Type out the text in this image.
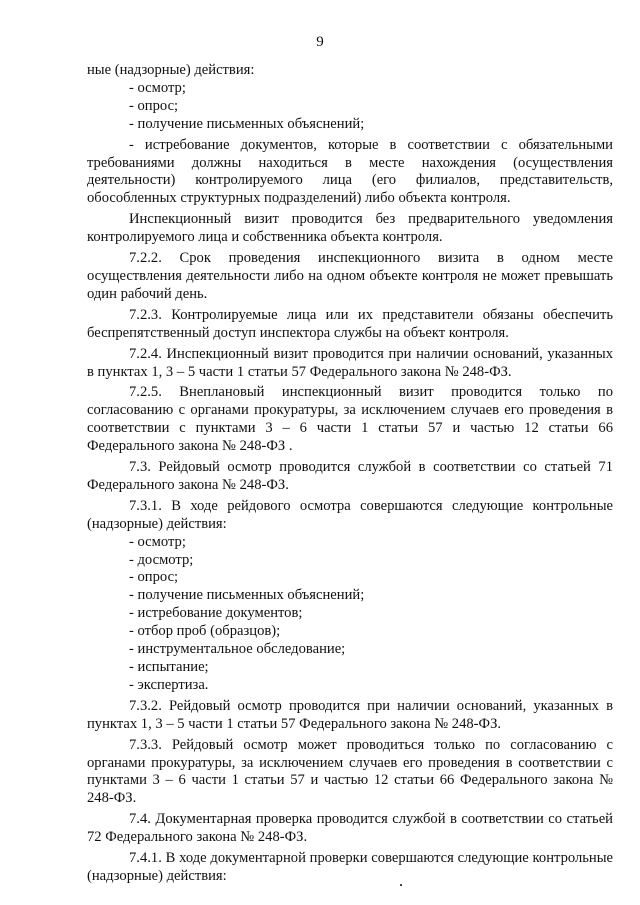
9

ные (надзорные) действия:

- осмотр;

- опрос;

- получение письменных объяснений;

- истребование документов, которые в соответствии с обязательными требованиями должны находиться в месте нахождения (осуществления деятельности) контролируемого лица (его филиалов, представительств, обособленных структурных подразделений) либо объекта контроля.

Инспекционный визит проводится без предварительного уведомления контролируемого лица и собственника объекта контроля.

7.2.2. Срок проведения инспекционного визита в одном месте осуществления деятельности либо на одном объекте контроля не может превышать один рабочий день.

7.2.3. Контролируемые лица или их представители обязаны обеспечить беспрепятственный доступ инспектора службы на объект контроля.

7.2.4. Инспекционный визит проводится при наличии оснований, указанных в пунктах 1, 3 – 5 части 1 статьи 57 Федерального закона № 248-ФЗ.

7.2.5. Внеплановый инспекционный визит проводится только по согласованию с органами прокуратуры, за исключением случаев его проведения в соответствии с пунктами 3 – 6 части 1 статьи 57 и частью 12 статьи 66 Федерального закона № 248-ФЗ .

7.3. Рейдовый осмотр проводится службой в соответствии со статьей 71 Федерального закона № 248-ФЗ.

7.3.1. В ходе рейдового осмотра совершаются следующие контрольные (надзорные) действия:

- осмотр;

- досмотр;

- опрос;

- получение письменных объяснений;

- истребование документов;

- отбор проб (образцов);

- инструментальное обследование;

- испытание;

- экспертиза.

7.3.2. Рейдовый осмотр проводится при наличии оснований, указанных в пунктах 1, 3 – 5 части 1 статьи 57 Федерального закона № 248-ФЗ.

7.3.3. Рейдовый осмотр может проводиться только по согласованию с органами прокуратуры, за исключением случаев его проведения в соответствии с пунктами 3 – 6 части 1 статьи 57 и частью 12 статьи 66 Федерального закона № 248-ФЗ.

7.4. Документарная проверка проводится службой в соответствии со статьей 72 Федерального закона № 248-ФЗ.

7.4.1. В ходе документарной проверки совершаются следующие контрольные (надзорные) действия:
